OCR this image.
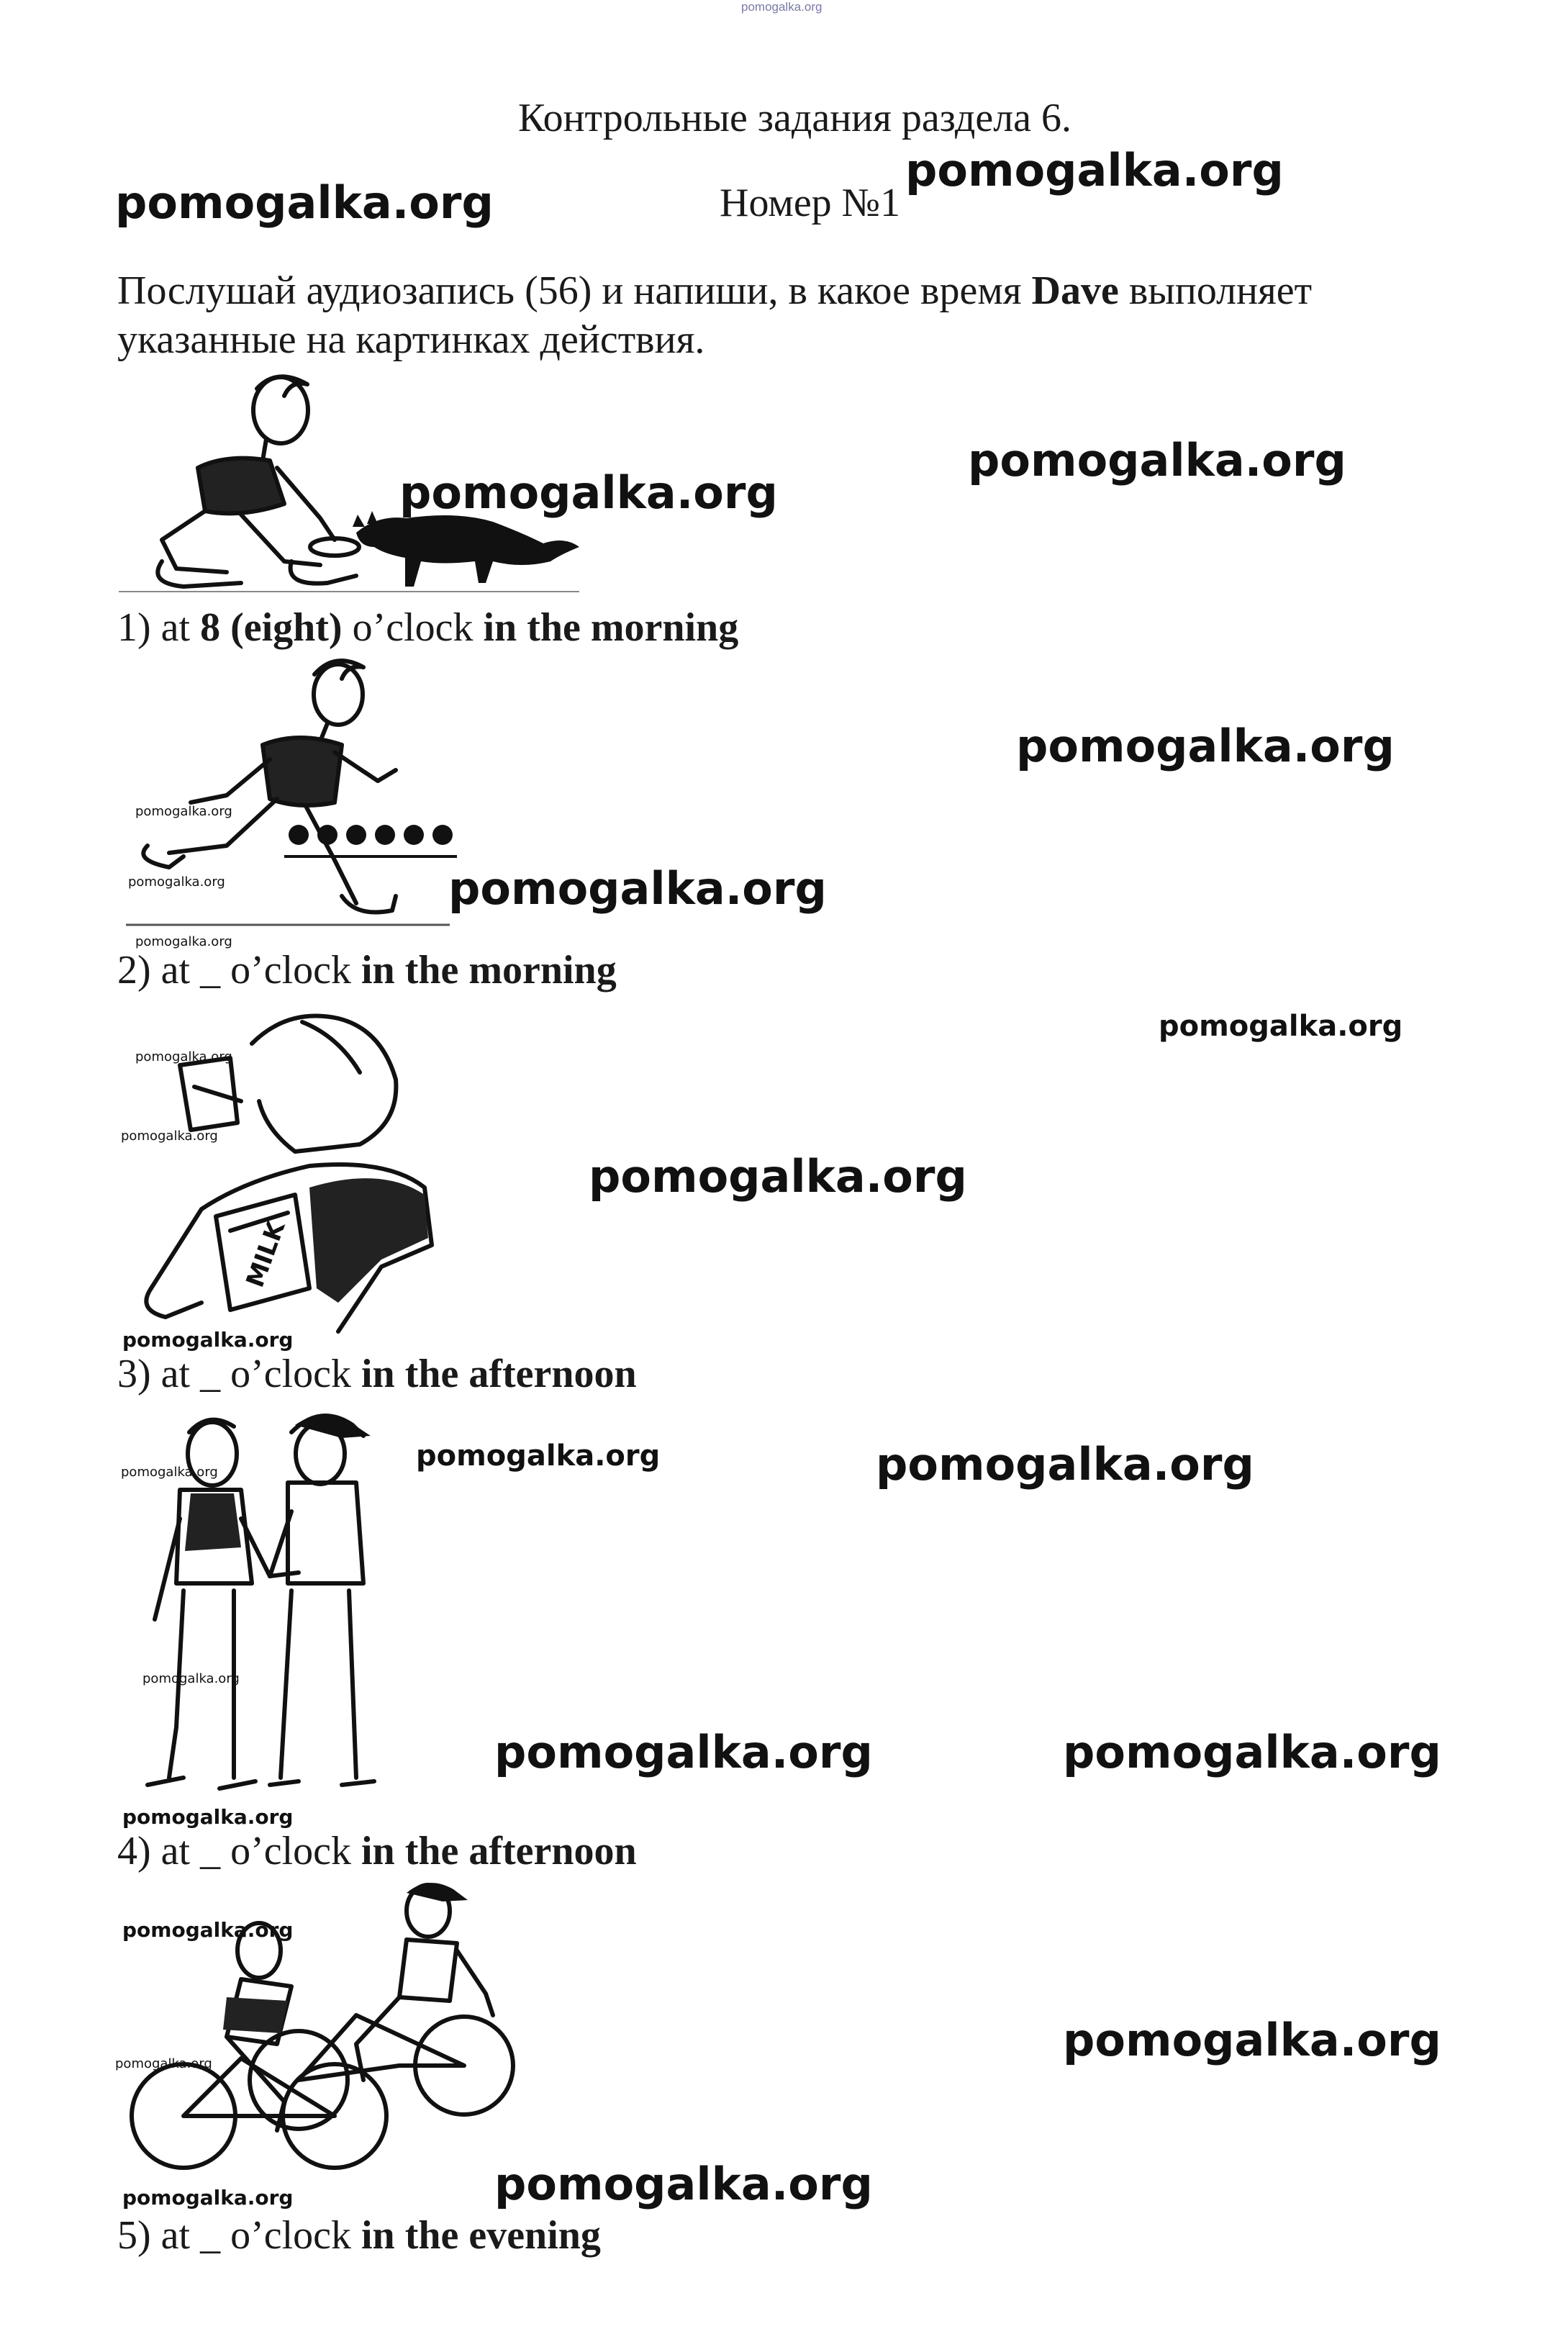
pomogalka.org
Контрольные задания раздела 6.
Номер №1
Послушай аудиозапись (56) и напиши, в какое время Dave выполняет указанные на картинках действия.
pomogalka.org
pomogalka.org
pomogalka.org
pomogalka.org
pomogalka.org
pomogalka.org
pomogalka.org
pomogalka.org
pomogalka.org	pomogalka.org
pomogalka.org	pomogalka.org
pomogalka.org
pomogalka.org
pomogalka.org
pomogalka.org
pomogalka.org
pomogalka.org
pomogalka.org
pomogalka.org
pomogalka.org
pomogalka.org
pomogalka.org
pomogalka.org
pomogalka.org
pomogalka.org
MILK
1) at 8 (eight) o’clock in the morning
2) at _ o’clock in the morning
3) at _ o’clock in the afternoon
4) at _ o’clock in the afternoon
5) at _ o’clock in the evening
